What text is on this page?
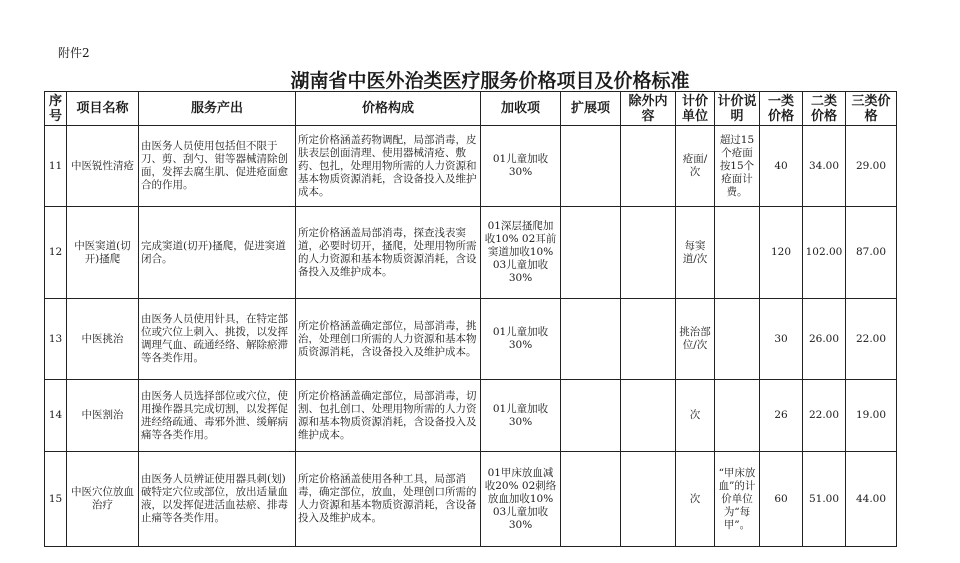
附件2
湖南省中医外治类医疗服务价格项目及价格标准
序号	项目名称	服务产出	价格构成	加收项	扩展项	除外内容	计价单位	计价说明	一类价格	二类价格	三类价格
11	中医锐性清疮	由医务人员使用包括但不限于刀、剪、刮勺、钳等器械清除创面，发挥去腐生肌、促进疮面愈合的作用。	所定价格涵盖药物调配，局部消毒，皮肤表层创面清理、使用器械清疮、敷药、包扎，处理用物所需的人力资源和基本物质资源消耗，含设备投入及维护成本。	01儿童加收30%			疮面/次	超过15个疮面按15个疮面计费。	40	34.00	29.00
12	中医窦道(切开)搔爬	完成窦道(切开)搔爬，促进窦道闭合。	所定价格涵盖局部消毒，探查浅表窦道，必要时切开，搔爬，处理用物所需的人力资源和基本物质资源消耗，含设备投入及维护成本。	01深层搔爬加收10% 02耳前窦道加收10% 03儿童加收30%			每窦道/次		120	102.00	87.00
13	中医挑治	由医务人员使用针具，在特定部位或穴位上刺入、挑拨，以发挥调理气血、疏通经络、解除瘀滞等各类作用。	所定价格涵盖确定部位，局部消毒，挑治，处理创口所需的人力资源和基本物质资源消耗，含设备投入及维护成本。	01儿童加收30%			挑治部位/次		30	26.00	22.00
14	中医割治	由医务人员选择部位或穴位，使用操作器具完成切割，以发挥促进经络疏通、毒邪外泄、缓解病痛等各类作用。	所定价格涵盖确定部位，局部消毒，切割、包扎创口、处理用物所需的人力资源和基本物质资源消耗，含设备投入及维护成本。	01儿童加收30%			次		26	22.00	19.00
15	中医穴位放血治疗	由医务人员辨证使用器具刺(划)破特定穴位或部位，放出适量血液，以发挥促进活血祛瘀、排毒止痛等各类作用。	所定价格涵盖使用各种工具，局部消毒，确定部位，放血，处理创口所需的人力资源和基本物质资源消耗，含设备投入及维护成本。	01甲床放血减收20% 02刺络放血加收10% 03儿童加收30%			次	“甲床放血”的计价单位为“每甲”。	60	51.00	44.00
